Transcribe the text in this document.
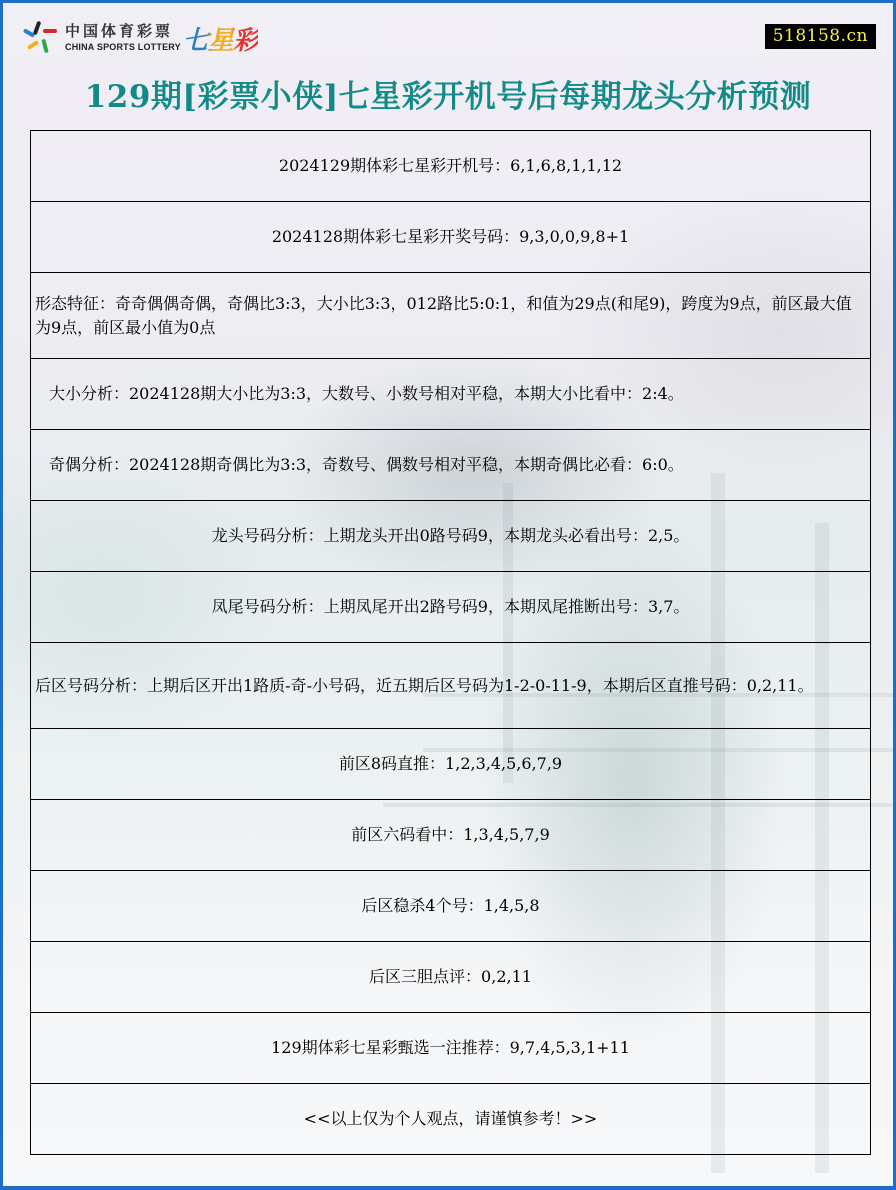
中国体育彩票
CHINA SPORTS LOTTERY 七星彩	518158.cn
129期[彩票小侠]七星彩开机号后每期龙头分析预测
2024129期体彩七星彩开机号：6,1,6,8,1,1,12
2024128期体彩七星彩开奖号码：9,3,0,0,9,8+1
形态特征：奇奇偶偶奇偶，奇偶比3:3，大小比3:3，012路比5:0:1，和值为29点(和尾9)，跨度为9点，前区最大值为9点，前区最小值为0点
大小分析：2024128期大小比为3:3，大数号、小数号相对平稳，本期大小比看中：2:4。
奇偶分析：2024128期奇偶比为3:3，奇数号、偶数号相对平稳，本期奇偶比必看：6:0。
龙头号码分析：上期龙头开出0路号码9，本期龙头必看出号：2,5。
凤尾号码分析：上期凤尾开出2路号码9，本期凤尾推断出号：3,7。
后区号码分析：上期后区开出1路质-奇-小号码，近五期后区号码为1-2-0-11-9，本期后区直推号码：0,2,11。
前区8码直推：1,2,3,4,5,6,7,9
前区六码看中：1,3,4,5,7,9
后区稳杀4个号：1,4,5,8
后区三胆点评：0,2,11
129期体彩七星彩甄选一注推荐：9,7,4,5,3,1+11
<<以上仅为个人观点，请谨慎参考！>>
